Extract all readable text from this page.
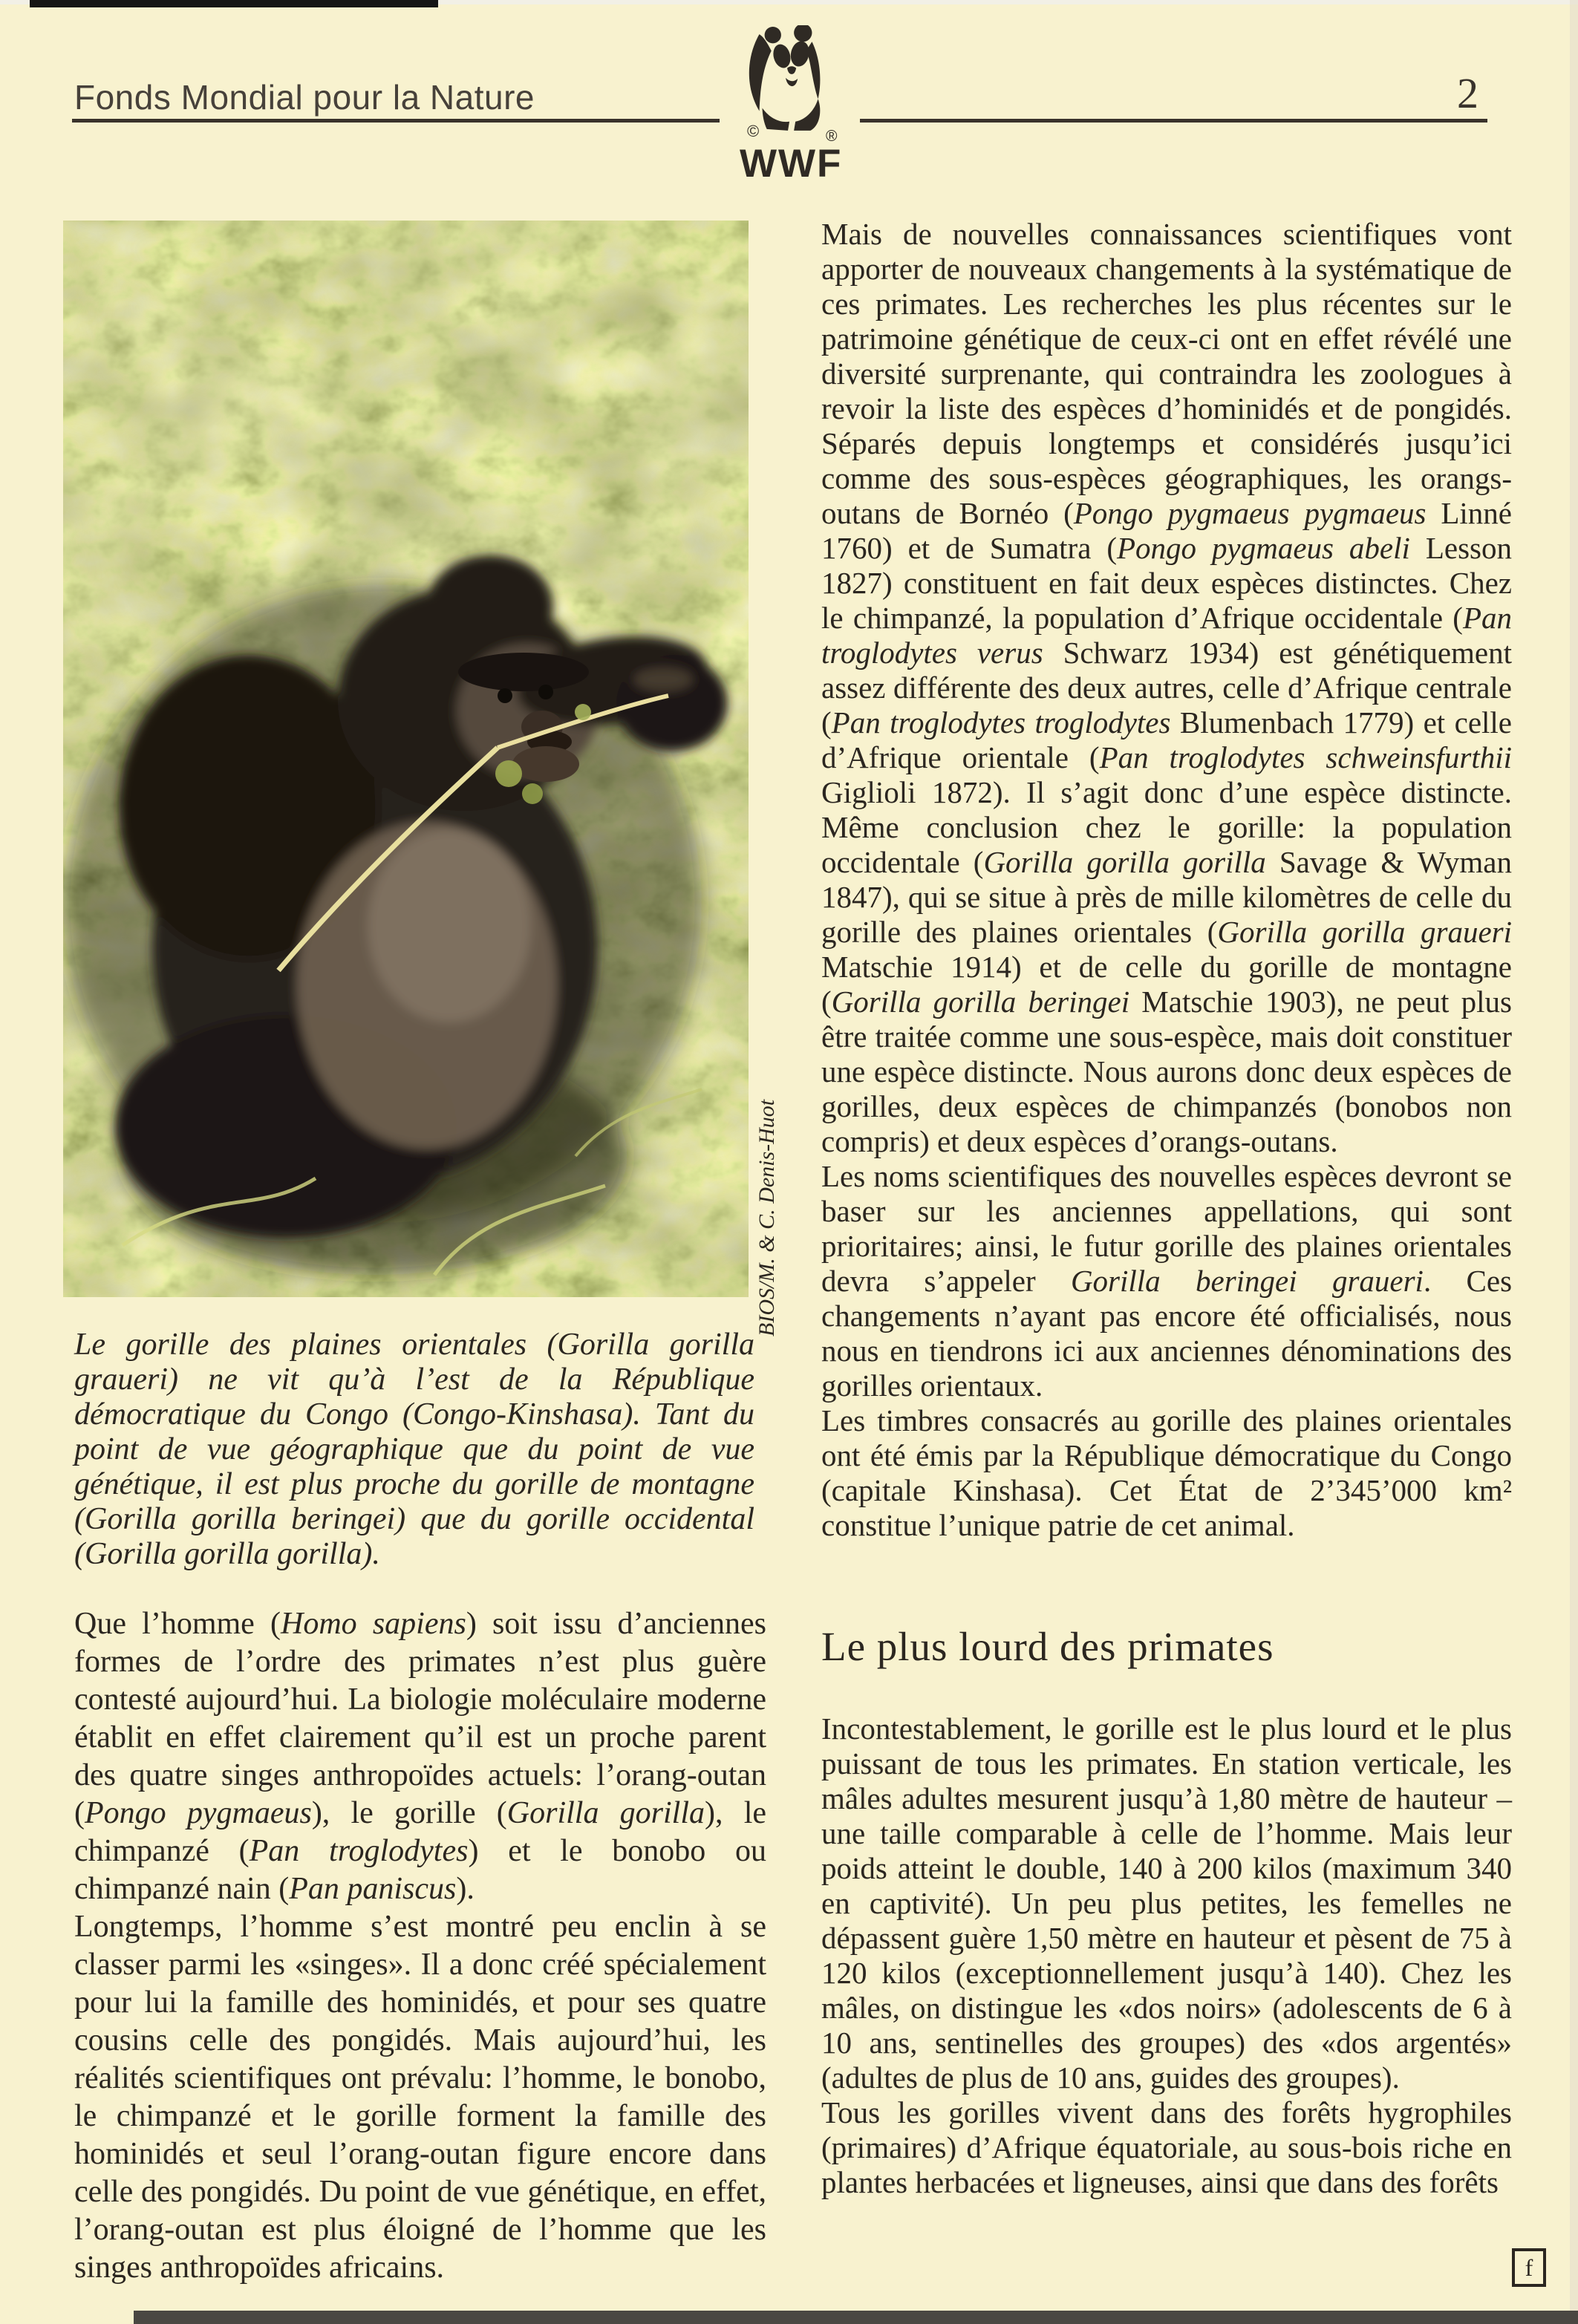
Fonds Mondial pour la Nature	2
©	®
WWF
BIOS/M. & C. Denis-Huot
Le gorille des plaines orientales (Gorilla gorilla graueri) ne vit qu’à l’est de la République démocratique du Congo (Congo-Kinshasa). Tant du point de vue géographique que du point de vue génétique, il est plus proche du gorille de montagne (Gorilla gorilla beringei) que du gorille occidental (Gorilla gorilla gorilla).

Que l’homme (Homo sapiens) soit issu d’anciennes formes de l’ordre des primates n’est plus guère contesté aujourd’hui. La biologie moléculaire moderne établit en effet clairement qu’il est un proche parent des quatre singes anthropoïdes actuels: l’orang-outan (Pongo pygmaeus), le gorille (Gorilla gorilla), le chimpanzé (Pan troglodytes) et le bonobo ou chimpanzé nain (Pan paniscus).

Longtemps, l’homme s’est montré peu enclin à se classer parmi les «singes». Il a donc créé spécialement pour lui la famille des hominidés, et pour ses quatre cousins celle des pongidés. Mais aujourd’hui, les réalités scientifiques ont prévalu: l’homme, le bonobo, le chimpanzé et le gorille forment la famille des hominidés et seul l’orang-outan figure encore dans celle des pongidés. Du point de vue génétique, en effet, l’orang-outan est plus éloigné de l’homme que les singes anthropoïdes africains.

Mais de nouvelles connaissances scientifiques vont apporter de nouveaux changements à la systématique de ces primates. Les recherches les plus récentes sur le patrimoine génétique de ceux-ci ont en effet révélé une diversité surprenante, qui contraindra les zoologues à revoir la liste des espèces d’hominidés et de pongidés. Séparés depuis longtemps et considérés jusqu’ici comme des sous-espèces géographiques, les orangs-outans de Bornéo (Pongo pygmaeus pygmaeus Linné 1760) et de Sumatra (Pongo pygmaeus abeli Lesson 1827) constituent en fait deux espèces distinctes. Chez le chimpanzé, la population d’Afrique occidentale (Pan troglodytes verus Schwarz 1934) est génétiquement assez différente des deux autres, celle d’Afrique centrale (Pan troglodytes troglodytes Blumenbach 1779) et celle d’Afrique orientale (Pan troglodytes schweinsfurthii Giglioli 1872). Il s’agit donc d’une espèce distincte. Même conclusion chez le gorille: la population occidentale (Gorilla gorilla gorilla Savage & Wyman 1847), qui se situe à près de mille kilomètres de celle du gorille des plaines orientales (Gorilla gorilla graueri Matschie 1914) et de celle du gorille de montagne (Gorilla gorilla beringei Matschie 1903), ne peut plus être traitée comme une sous-espèce, mais doit constituer une espèce distincte. Nous aurons donc deux espèces de gorilles, deux espèces de chimpanzés (bonobos non compris) et deux espèces d’orangs-outans.

Les noms scientifiques des nouvelles espèces devront se baser sur les anciennes appellations, qui sont prioritaires; ainsi, le futur gorille des plaines orientales devra s’appeler Gorilla beringei graueri. Ces changements n’ayant pas encore été officialisés, nous nous en tiendrons ici aux anciennes dénominations des gorilles orientaux.

Les timbres consacrés au gorille des plaines orientales ont été émis par la République démocratique du Congo (capitale Kinshasa). Cet État de 2’345’000 km² constitue l’unique patrie de cet animal.

Le plus lourd des primates

Incontestablement, le gorille est le plus lourd et le plus puissant de tous les primates. En station verticale, les mâles adultes mesurent jusqu’à 1,80 mètre de hauteur – une taille comparable à celle de l’homme. Mais leur poids atteint le double, 140 à 200 kilos (maximum 340 en captivité). Un peu plus petites, les femelles ne dépassent guère 1,50 mètre en hauteur et pèsent de 75 à 120 kilos (exceptionnellement jusqu’à 140). Chez les mâles, on distingue les «dos noirs» (adolescents de 6 à 10 ans, sentinelles des groupes) des «dos argentés» (adultes de plus de 10 ans, guides des groupes).

Tous les gorilles vivent dans des forêts hygrophiles (primaires) d’Afrique équatoriale, au sous-bois riche en plantes herbacées et ligneuses, ainsi que dans des forêts

f
